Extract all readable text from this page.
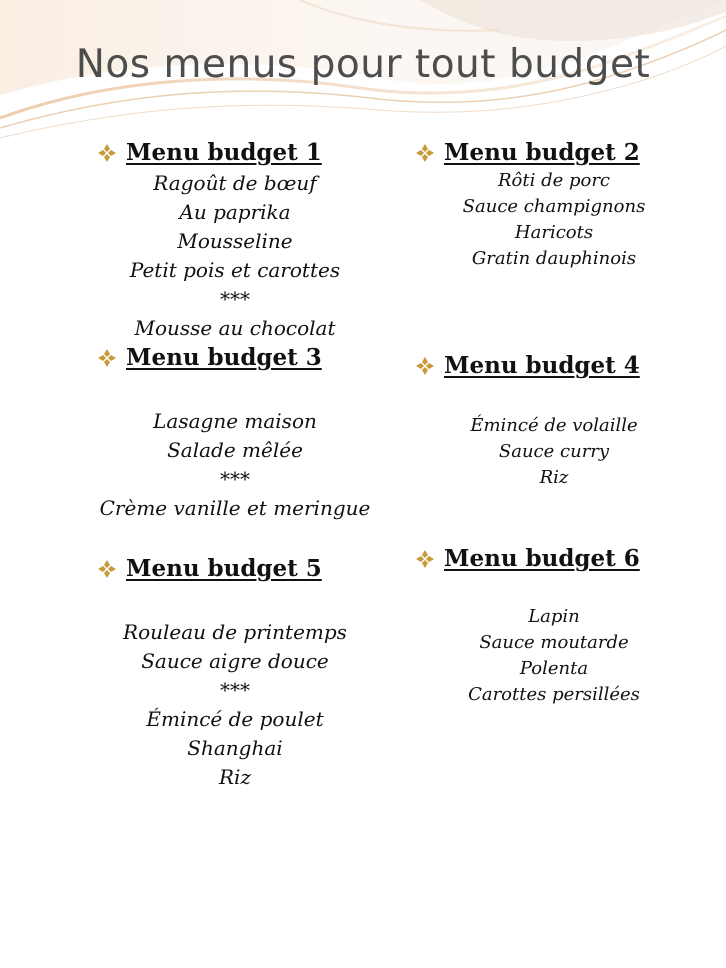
Nos menus pour tout budget
Menu budget 1
Ragoût de bœuf
Au paprika
Mousseline
Petit pois et carottes
***
Mousse au chocolat
Menu budget 2
Rôti de porc
Sauce champignons
Haricots
Gratin dauphinois
Menu budget 3
Lasagne maison
Salade mêlée
***
Crème vanille et meringue
Menu budget 4
Émincé de volaille
Sauce curry
Riz
Menu budget 5
Rouleau de printemps
Sauce aigre douce
***
Émincé de poulet
Shanghai
Riz
Menu budget 6
Lapin
Sauce moutarde
Polenta
Carottes persillées
